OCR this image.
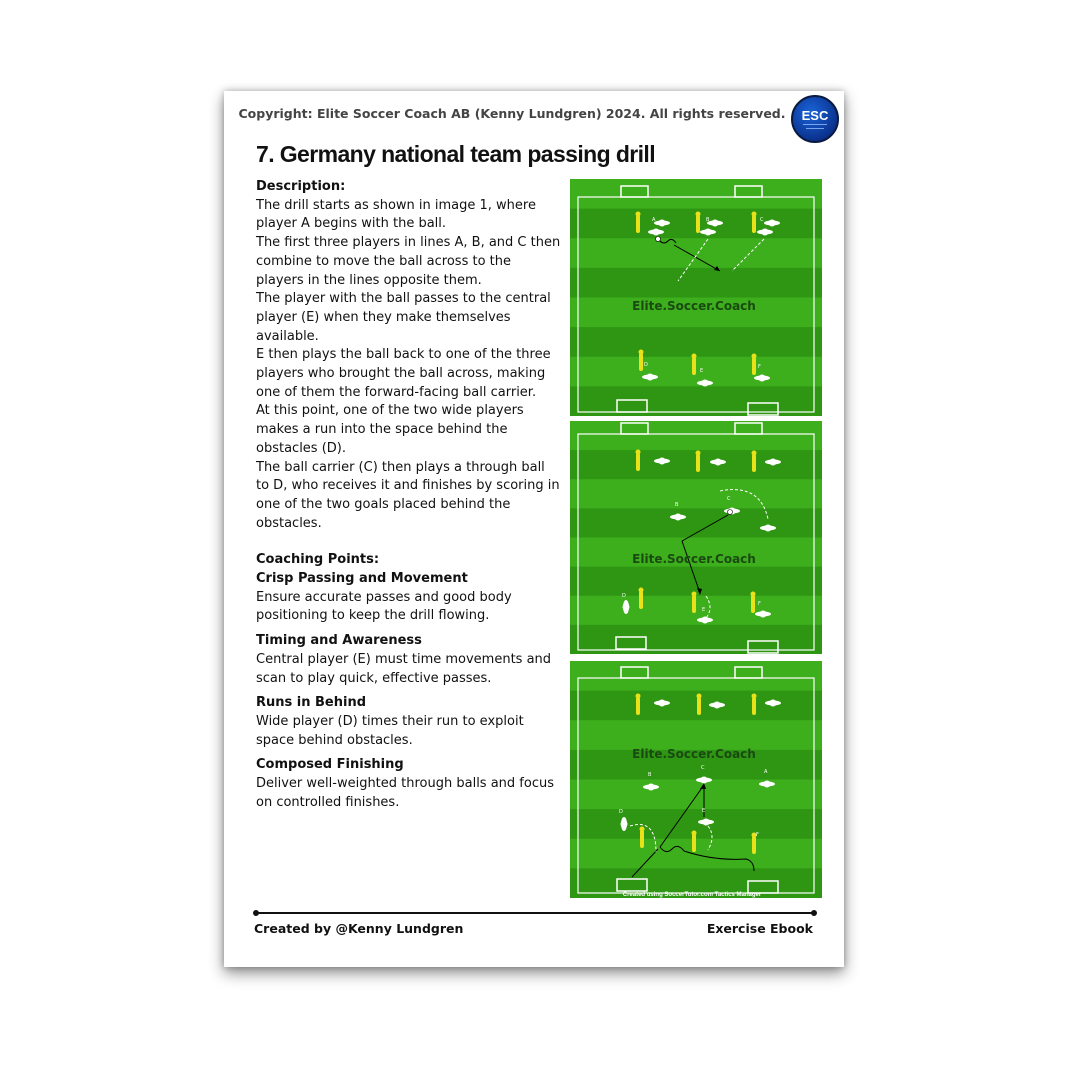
Copyright: Elite Soccer Coach AB (Kenny Lundgren) 2024. All rights reserved.	ESC
7. Germany national team passing drill

Description:

The drill starts as shown in image 1, where player A begins with the ball.

The first three players in lines A, B, and C then combine to move the ball across to the players in the lines opposite them.

The player with the ball passes to the central player (E) when they make themselves available.

E then plays the ball back to one of the three players who brought the ball across, making one of them the forward-facing ball carrier.

At this point, one of the two wide players makes a run into the space behind the obstacles (D).

The ball carrier (C) then plays a through ball to D, who receives it and finishes by scoring in one of the two goals placed behind the obstacles.

Coaching Points:

Crisp Passing and Movement

Ensure accurate passes and good body positioning to keep the drill flowing.

Timing and Awareness

Central player (E) must time movements and scan to play quick, effective passes.

Runs in Behind

Wide player (D) times their run to exploit space behind obstacles.

Composed Finishing

Deliver well-weighted through balls and focus on controlled finishes.

A	B	C
D
E
F
Elite.Soccer.Coach
B
C
D
E
F
Elite.Soccer.Coach
B
C
A
D	E
F
Elite.Soccer.Coach
Created using SoccerTutor.com Tactics Manager
Created by @Kenny Lundgren	Exercise Ebook
